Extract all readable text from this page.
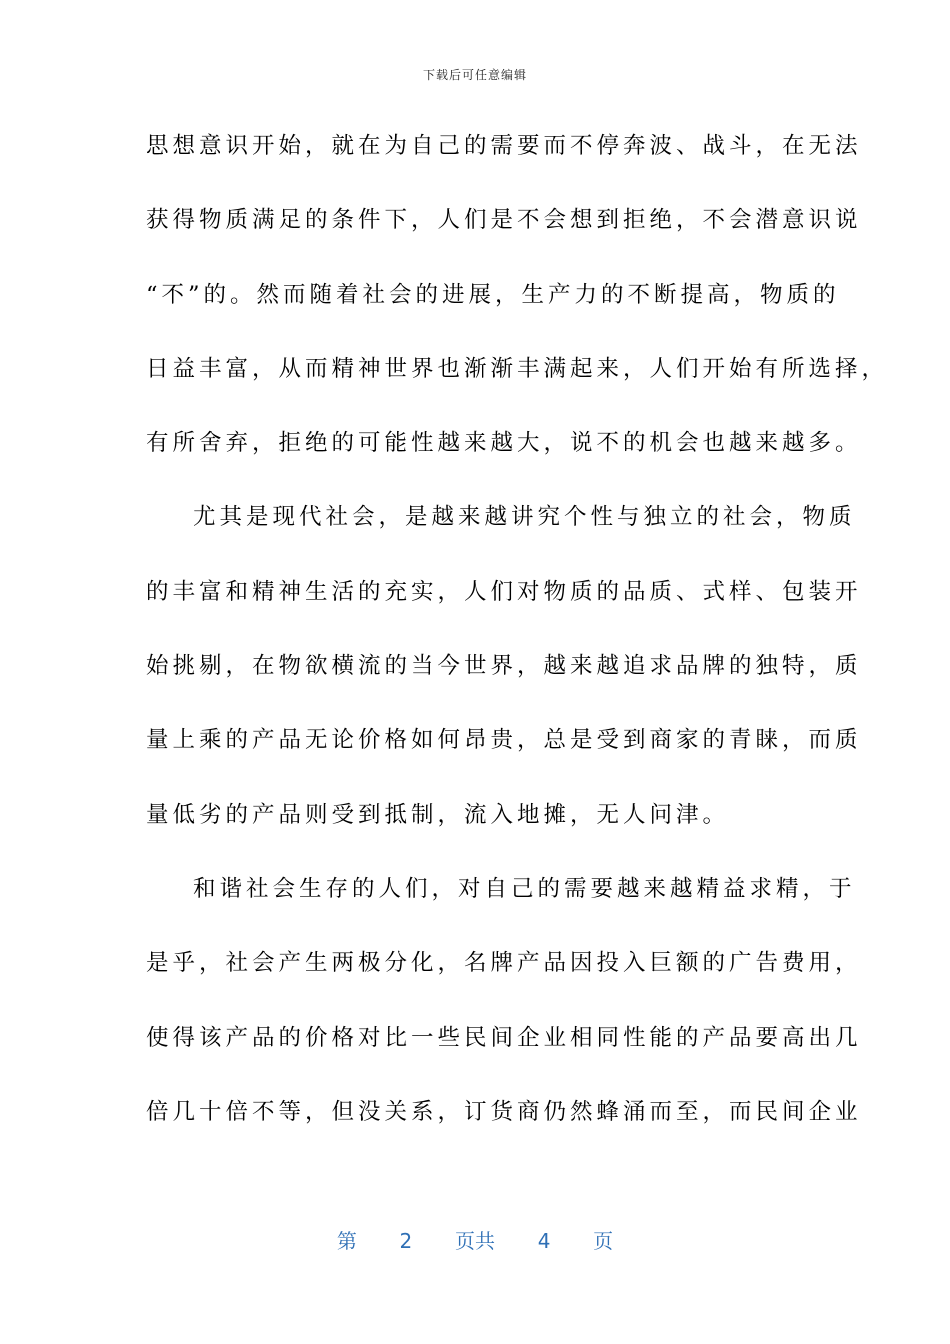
下载后可任意编辑
思想意识开始，就在为自己的需要而不停奔波、战斗，在无法
获得物质满足的条件下，人们是不会想到拒绝，不会潜意识说
“不”的。然而随着社会的进展，生产力的不断提高，物质的
日益丰富，从而精神世界也渐渐丰满起来，人们开始有所选择，
有所舍弃，拒绝的可能性越来越大，说不的机会也越来越多。
尤其是现代社会，是越来越讲究个性与独立的社会，物质
的丰富和精神生活的充实，人们对物质的品质、式样、包装开
始挑剔，在物欲横流的当今世界，越来越追求品牌的独特，质
量上乘的产品无论价格如何昂贵，总是受到商家的青睐，而质
量低劣的产品则受到抵制，流入地摊，无人问津。
和谐社会生存的人们，对自己的需要越来越精益求精，于
是乎，社会产生两极分化，名牌产品因投入巨额的广告费用，
使得该产品的价格对比一些民间企业相同性能的产品要高出几
倍几十倍不等，但没关系，订货商仍然蜂涌而至，而民间企业
第 2 页共 4 页
